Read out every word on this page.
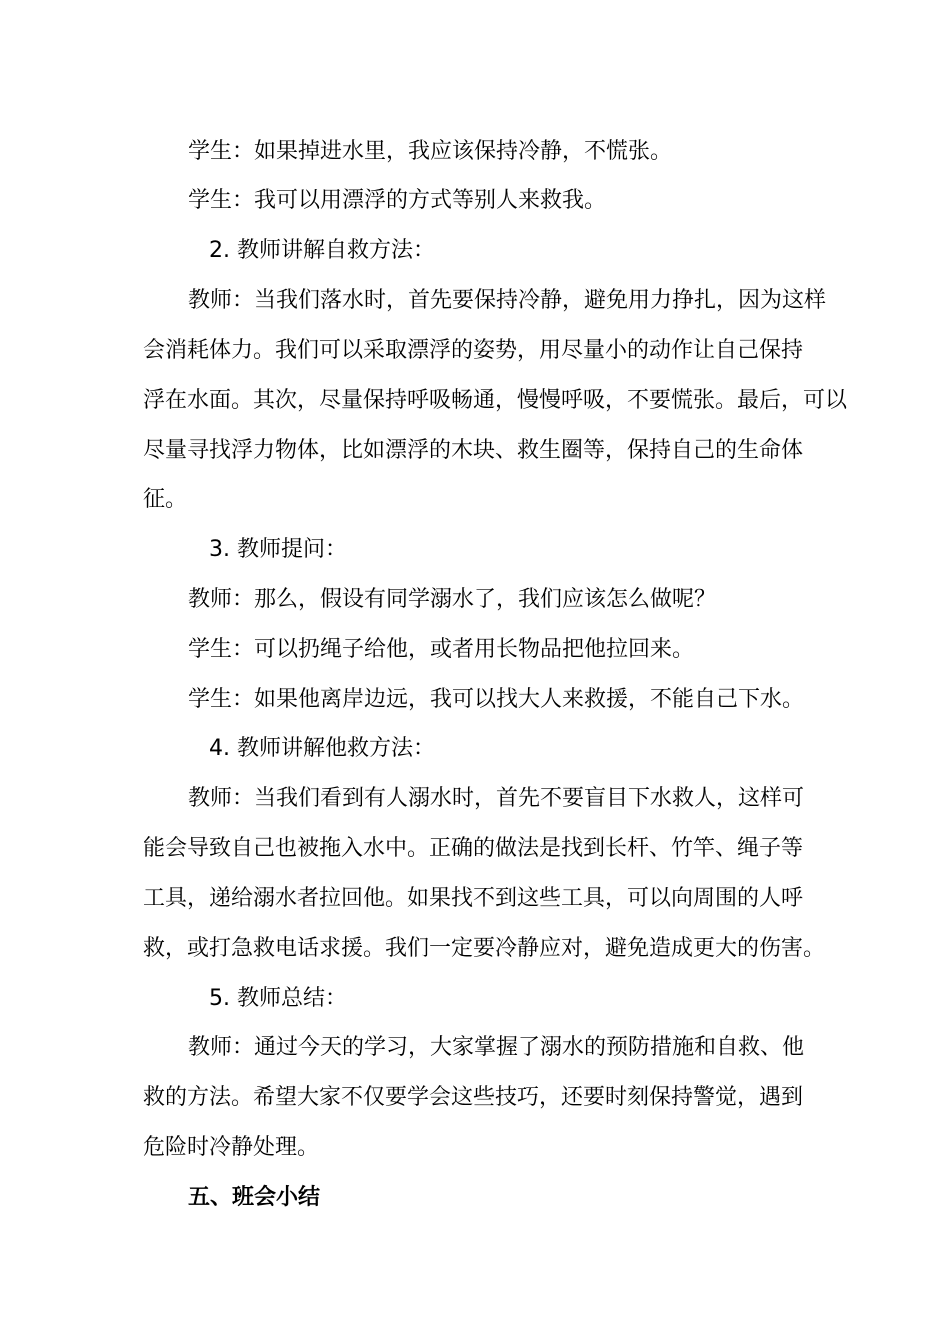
学生：如果掉进水里，我应该保持冷静，不慌张。
学生：我可以用漂浮的方式等别人来救我。
2. 教师讲解自救方法：
教师：当我们落水时，首先要保持冷静，避免用力挣扎，因为这样
会消耗体力。我们可以采取漂浮的姿势，用尽量小的动作让自己保持
浮在水面。其次，尽量保持呼吸畅通，慢慢呼吸，不要慌张。最后，可以
尽量寻找浮力物体，比如漂浮的木块、救生圈等，保持自己的生命体
征。
3. 教师提问：
教师：那么，假设有同学溺水了，我们应该怎么做呢？
学生：可以扔绳子给他，或者用长物品把他拉回来。
学生：如果他离岸边远，我可以找大人来救援，不能自己下水。
4. 教师讲解他救方法：
教师：当我们看到有人溺水时，首先不要盲目下水救人，这样可
能会导致自己也被拖入水中。正确的做法是找到长杆、竹竿、绳子等
工具，递给溺水者拉回他。如果找不到这些工具，可以向周围的人呼
救，或打急救电话求援。我们一定要冷静应对，避免造成更大的伤害。
5. 教师总结：
教师：通过今天的学习，大家掌握了溺水的预防措施和自救、他
救的方法。希望大家不仅要学会这些技巧，还要时刻保持警觉，遇到
危险时冷静处理。
五、班会小结
